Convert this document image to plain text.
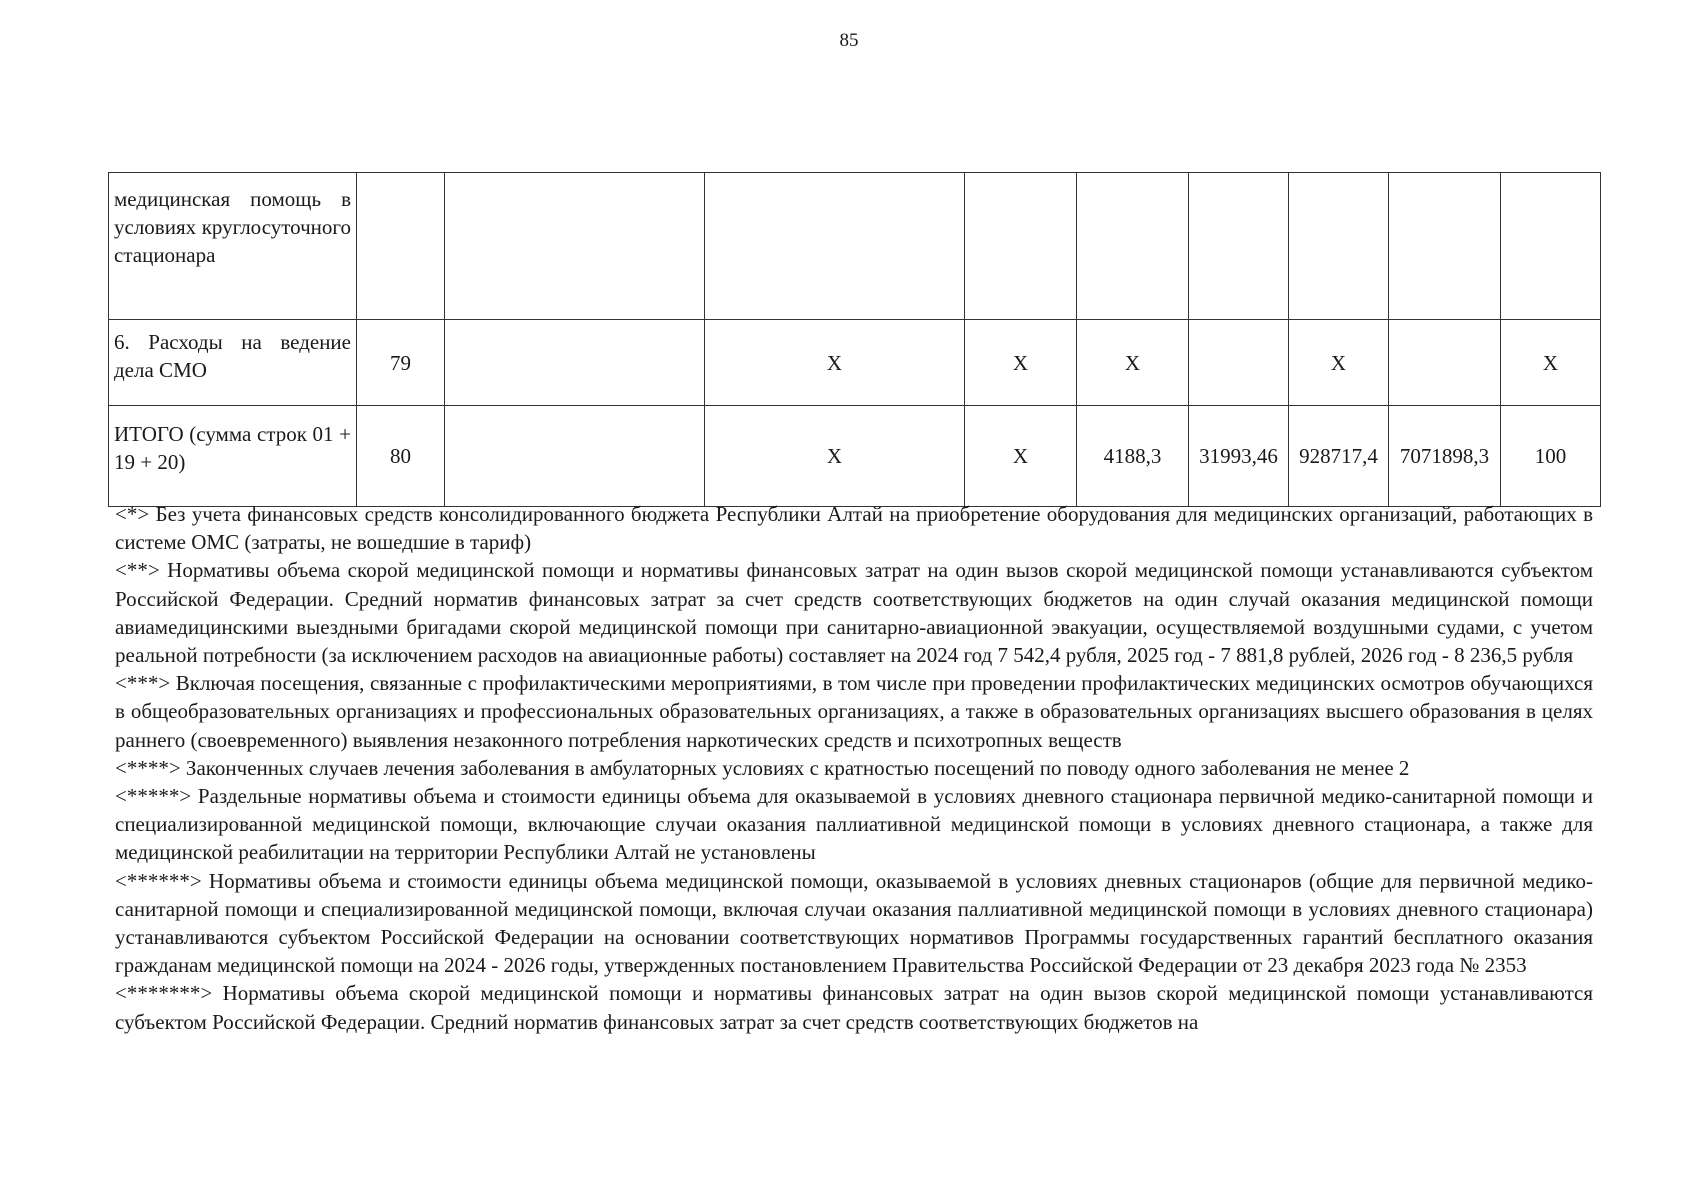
85
медицинская помощь в условиях круглосуточного стационара									
6. Расходы на ведение дела СМО	79		X	X	X		X		X
ИТОГО (сумма строк 01 + 19 + 20)	80		X	X	4188,3	31993,46	928717,4	7071898,3	100

<*> Без учета финансовых средств консолидированного бюджета Республики Алтай на приобретение оборудования для медицинских организаций, работающих в системе ОМС (затраты, не вошедшие в тариф)

<**> Нормативы объема скорой медицинской помощи и нормативы финансовых затрат на один вызов скорой медицинской помощи устанавливаются субъектом Российской Федерации. Средний норматив финансовых затрат за счет средств соответствующих бюджетов на один случай оказания медицинской помощи авиамедицинскими выездными бригадами скорой медицинской помощи при санитарно-авиационной эвакуации, осуществляемой воздушными судами, с учетом реальной потребности (за исключением расходов на авиационные работы) составляет на 2024 год 7 542,4 рубля, 2025 год - 7 881,8 рублей, 2026 год - 8 236,5 рубля

<***> Включая посещения, связанные с профилактическими мероприятиями, в том числе при проведении профилактических медицинских осмотров обучающихся в общеобразовательных организациях и профессиональных образовательных организациях, а также в образовательных организациях высшего образования в целях раннего (своевременного) выявления незаконного потребления наркотических средств и психотропных веществ

<****> Законченных случаев лечения заболевания в амбулаторных условиях с кратностью посещений по поводу одного заболевания не менее 2

<*****> Раздельные нормативы объема и стоимости единицы объема для оказываемой в условиях дневного стационара первичной медико-санитарной помощи и специализированной медицинской помощи, включающие случаи оказания паллиативной медицинской помощи в условиях дневного стационара, а также для медицинской реабилитации на территории Республики Алтай не установлены

<******> Нормативы объема и стоимости единицы объема медицинской помощи, оказываемой в условиях дневных стационаров (общие для первичной медико-санитарной помощи и специализированной медицинской помощи, включая случаи оказания паллиативной медицинской помощи в условиях дневного стационара) устанавливаются субъектом Российской Федерации на основании соответствующих нормативов Программы государственных гарантий бесплатного оказания гражданам медицинской помощи на 2024 - 2026 годы, утвержденных постановлением Правительства Российской Федерации от 23 декабря 2023 года № 2353

<*******> Нормативы объема скорой медицинской помощи и нормативы финансовых затрат на один вызов скорой медицинской помощи устанавливаются субъектом Российской Федерации. Средний норматив финансовых затрат за счет средств соответствующих бюджетов на
